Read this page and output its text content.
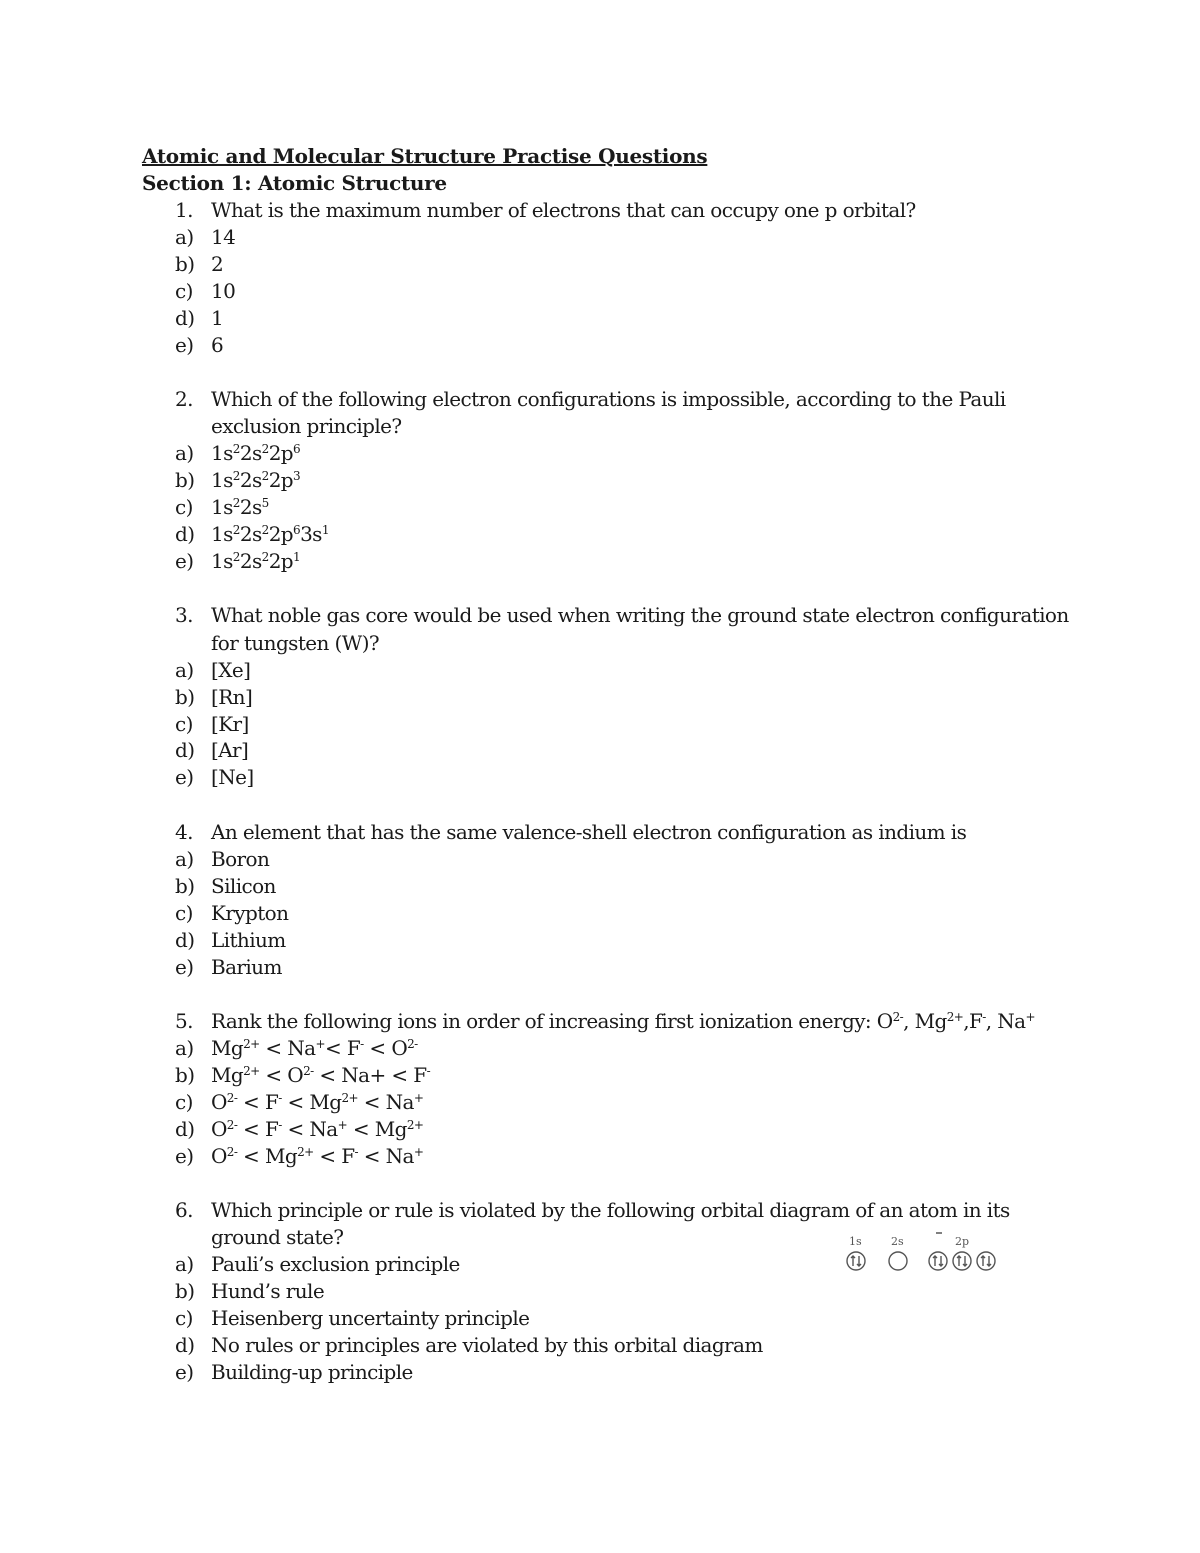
Atomic and Molecular Structure Practise Questions
Section 1: Atomic Structure
1. What is the maximum number of electrons that can occupy one p orbital?
a) 14
b) 2
c) 10
d) 1
e) 6
2. Which of the following electron configurations is impossible, according to the Pauli
exclusion principle?
a) $1s^22s^22p^6$
b) $1s^22s^22p^3$
c) $1s^22s^5$
d) $1s^22s^22p^63s^1$
e) $1s^22s^22p^1$
3. What noble gas core would be used when writing the ground state electron configuration
for tungsten (W)?
a) [Xe]
b) [Rn]
c) [Kr]
d) [Ar]
e) [Ne]
4. An element that has the same valence-shell electron configuration as indium is
a) Boron
b) Silicon
c) Krypton
d) Lithium
e) Barium
5. Rank the following ions in order of increasing first ionization energy: $O^{2-}$, $Mg^{2+},F^-$, Na+
a) $Mg^{2+} < Na^+< F^- < O^{2-}$
b) $Mg^{2+} < O^{2-} < Na+ < F^-$
c) $O^{2-} < F^- < Mg^{2+} < Na^+$
d) $O^{2-} < F^- < Na^+ < Mg^{2+}$
e) $O^{2-} < Mg^{2+} < F^- < Na^+$
6. Which principle or rule is violated by the following orbital diagram of an atom in its
ground state?
a) Pauli’s exclusion principle
b) Hund’s rule
c) Heisenberg uncertainty principle
d) No rules or principles are violated by this orbital diagram
e) Building-up principle
1s	2s	2p
